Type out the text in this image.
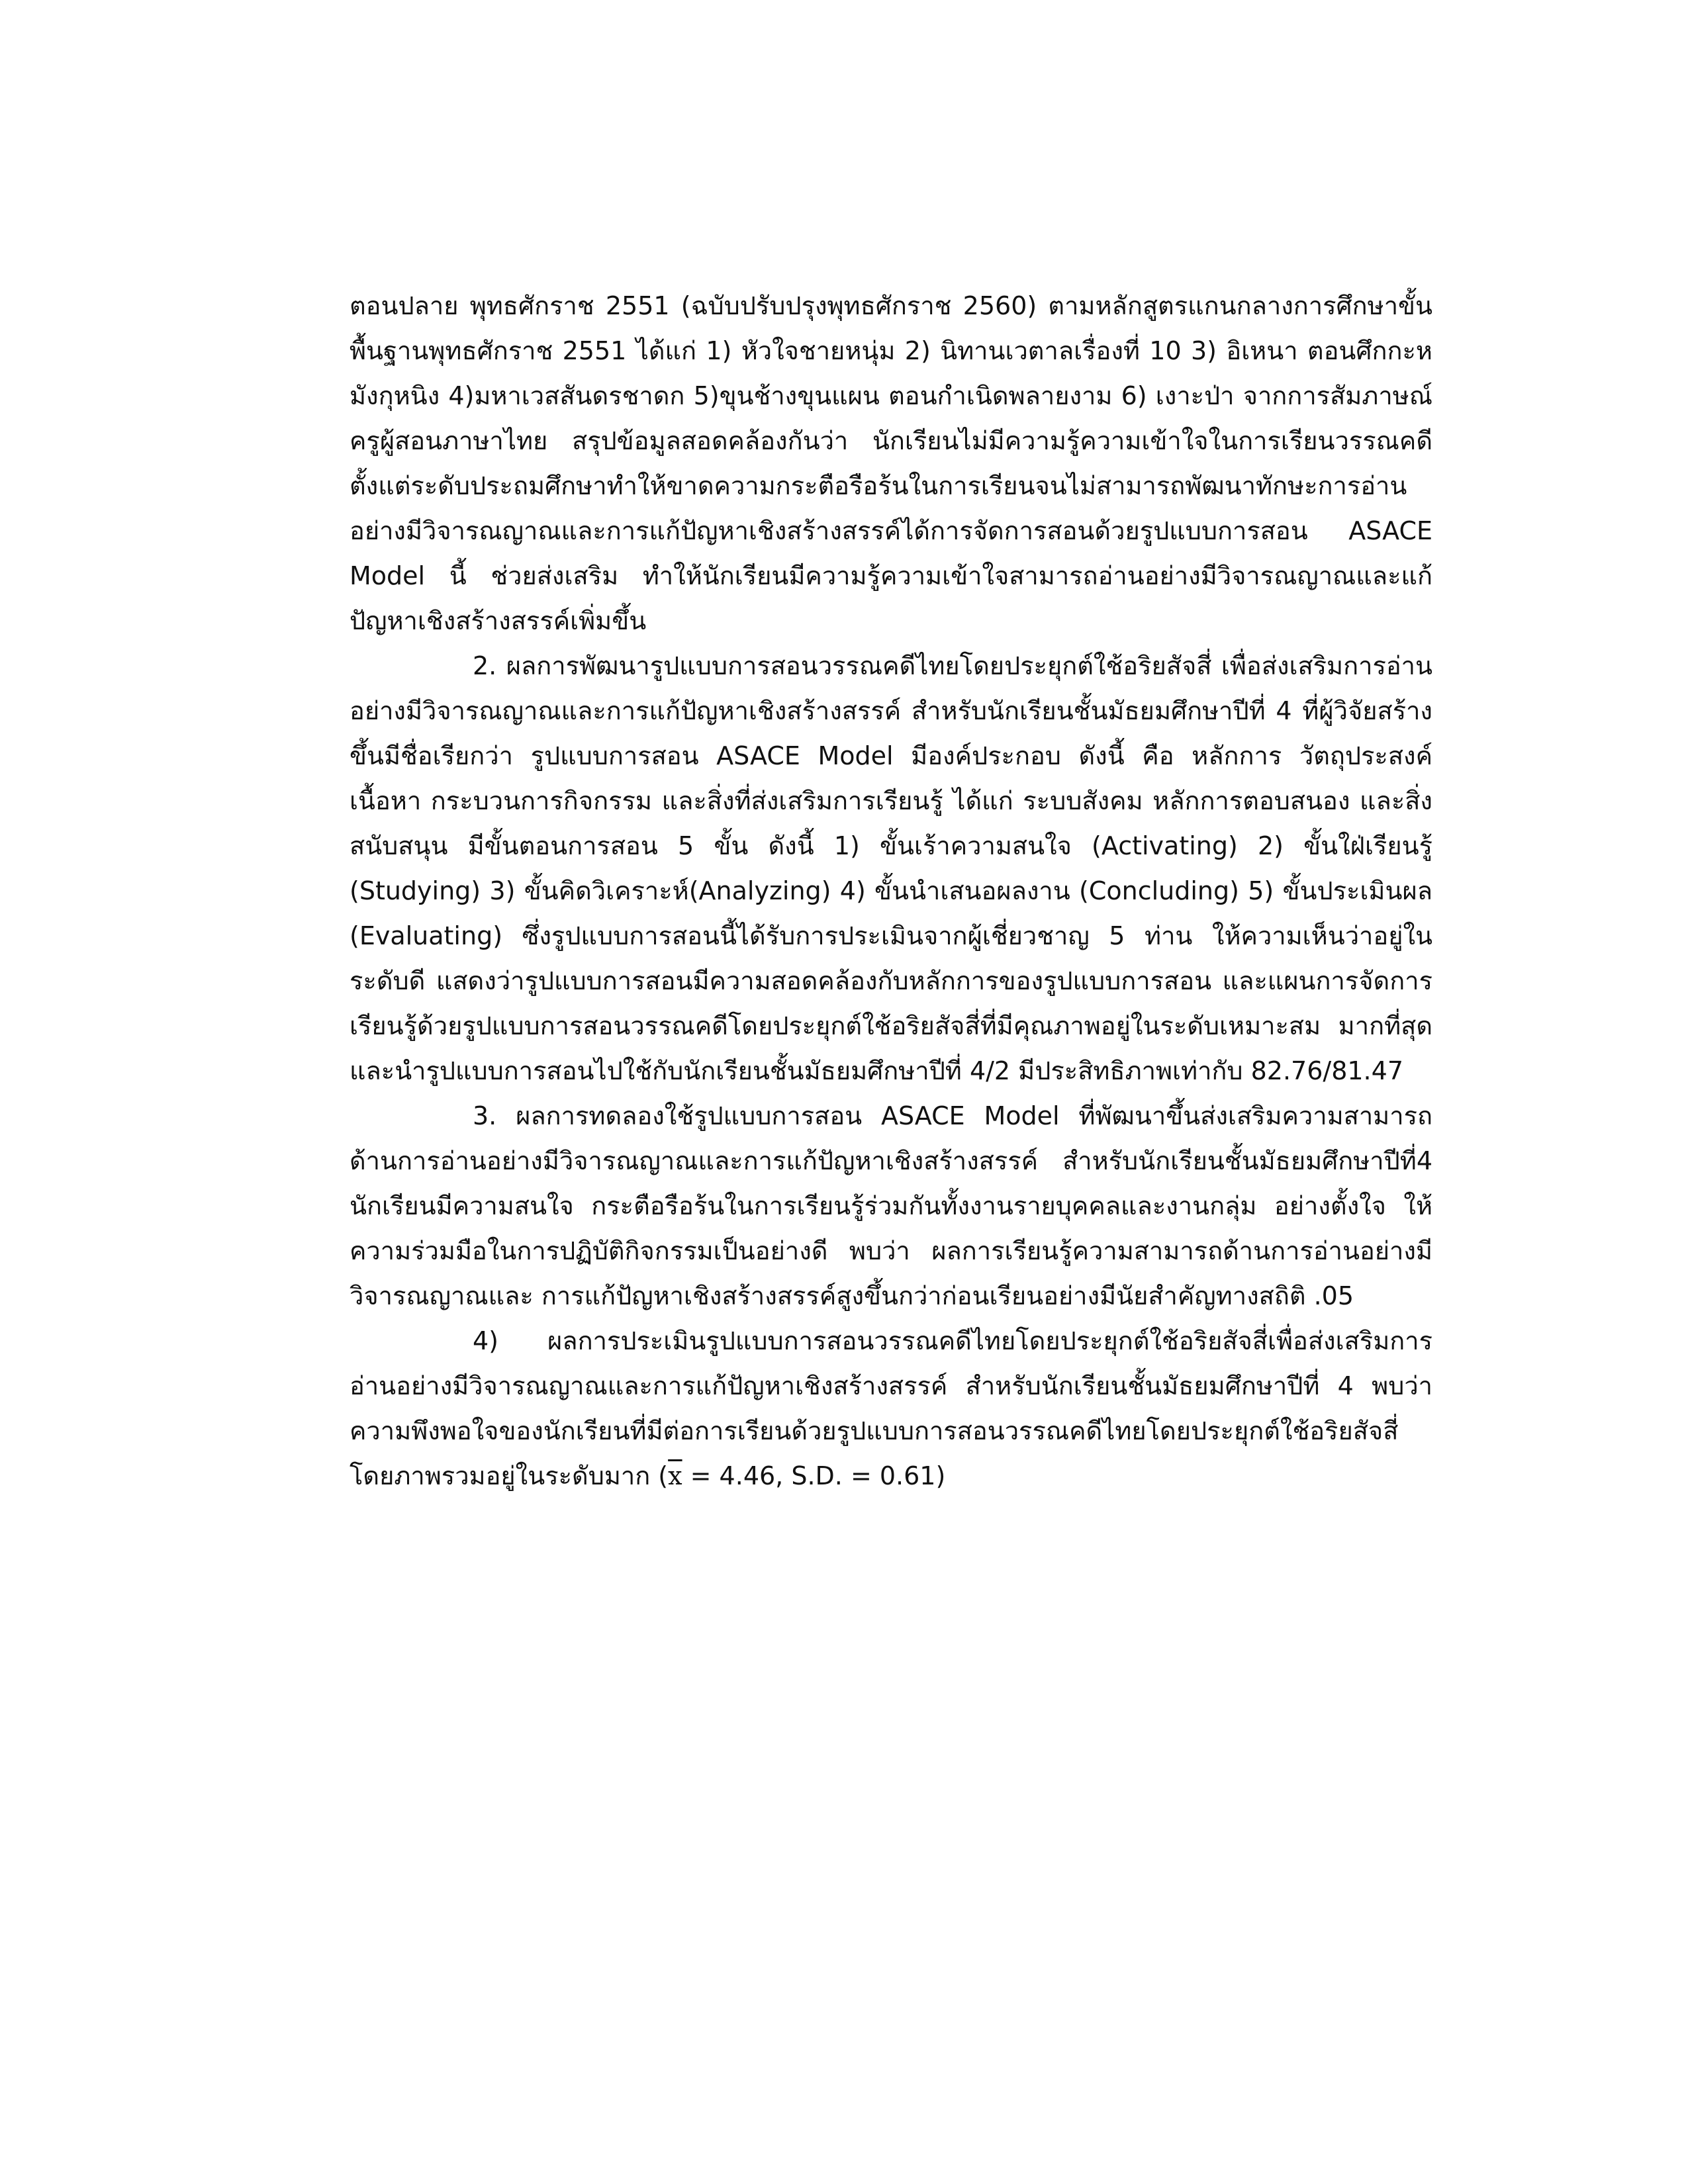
ตอนปลาย พุทธศักราช 2551 (ฉบับปรับปรุงพุทธศักราช 2560) ตามหลักสูตรแกนกลางการศึกษาขั้นพื้นฐานพุทธศักราช 2551 ได้แก่ 1) หัวใจชายหนุ่ม 2) นิทานเวตาลเรื่องที่ 10 3) อิเหนา ตอนศึกกะหมังกุหนิง 4)มหาเวสสันดรชาดก 5)ขุนช้างขุนแผน ตอนกำเนิดพลายงาม 6) เงาะป่า จากการสัมภาษณ์ครูผู้สอนภาษาไทย สรุปข้อมูลสอดคล้องกันว่า นักเรียนไม่มีความรู้ความเข้าใจในการเรียนวรรณคดี ตั้งแต่ระดับประถมศึกษาทำให้ขาดความกระตือรือร้นในการเรียนจนไม่สามารถพัฒนาทักษะการอ่านอย่างมีวิจารณญาณและการแก้ปัญหาเชิงสร้างสรรค์ได้การจัดการสอนด้วยรูปแบบการสอน ASACE Model นี้ ช่วยส่งเสริม ทำให้นักเรียนมีความรู้ความเข้าใจสามารถอ่านอย่างมีวิจารณญาณและแก้ปัญหาเชิงสร้างสรรค์เพิ่มขึ้น

2. ผลการพัฒนารูปแบบการสอนวรรณคดีไทยโดยประยุกต์ใช้อริยสัจสี่ เพื่อส่งเสริมการอ่านอย่างมีวิจารณญาณและการแก้ปัญหาเชิงสร้างสรรค์ สำหรับนักเรียนชั้นมัธยมศึกษาปีที่ 4 ที่ผู้วิจัยสร้างขึ้นมีชื่อเรียกว่า รูปแบบการสอน ASACE Model มีองค์ประกอบ ดังนี้ คือ หลักการ วัตถุประสงค์ เนื้อหา กระบวนการกิจกรรม และสิ่งที่ส่งเสริมการเรียนรู้ ได้แก่ ระบบสังคม หลักการตอบสนอง และสิ่งสนับสนุน มีขั้นตอนการสอน 5 ขั้น ดังนี้ 1) ขั้นเร้าความสนใจ (Activating) 2) ขั้นใฝ่เรียนรู้ (Studying) 3) ขั้นคิดวิเคราะห์(Analyzing) 4) ขั้นนำเสนอผลงาน (Concluding) 5) ขั้นประเมินผล (Evaluating) ซึ่งรูปแบบการสอนนี้ได้รับการประเมินจากผู้เชี่ยวชาญ 5 ท่าน ให้ความเห็นว่าอยู่ในระดับดี แสดงว่ารูปแบบการสอนมีความสอดคล้องกับหลักการของรูปแบบการสอน และแผนการจัดการเรียนรู้ด้วยรูปแบบการสอนวรรณคดีโดยประยุกต์ใช้อริยสัจสี่ที่มีคุณภาพอยู่ในระดับเหมาะสม มากที่สุดและนำรูปแบบการสอนไปใช้กับนักเรียนชั้นมัธยมศึกษาปีที่ 4/2 มีประสิทธิภาพเท่ากับ 82.76/81.47

3. ผลการทดลองใช้รูปแบบการสอน ASACE Model ที่พัฒนาขึ้นส่งเสริมความสามารถด้านการอ่านอย่างมีวิจารณญาณและการแก้ปัญหาเชิงสร้างสรรค์ สำหรับนักเรียนชั้นมัธยมศึกษาปีที่4 นักเรียนมีความสนใจ กระตือรือร้นในการเรียนรู้ร่วมกันทั้งงานรายบุคคลและงานกลุ่ม อย่างตั้งใจ ให้ความร่วมมือในการปฏิบัติกิจกรรมเป็นอย่างดี พบว่า ผลการเรียนรู้ความสามารถด้านการอ่านอย่างมีวิจารณญาณและ การแก้ปัญหาเชิงสร้างสรรค์สูงขึ้นกว่าก่อนเรียนอย่างมีนัยสำคัญทางสถิติ .05

4) ผลการประเมินรูปแบบการสอนวรรณคดีไทยโดยประยุกต์ใช้อริยสัจสี่เพื่อส่งเสริมการอ่านอย่างมีวิจารณญาณและการแก้ปัญหาเชิงสร้างสรรค์ สำหรับนักเรียนชั้นมัธยมศึกษาปีที่ 4 พบว่า ความพึงพอใจของนักเรียนที่มีต่อการเรียนด้วยรูปแบบการสอนวรรณคดีไทยโดยประยุกต์ใช้อริยสัจสี่โดยภาพรวมอยู่ในระดับมาก ($\overline{x} = 4.46$, S.D. = 0.61)
